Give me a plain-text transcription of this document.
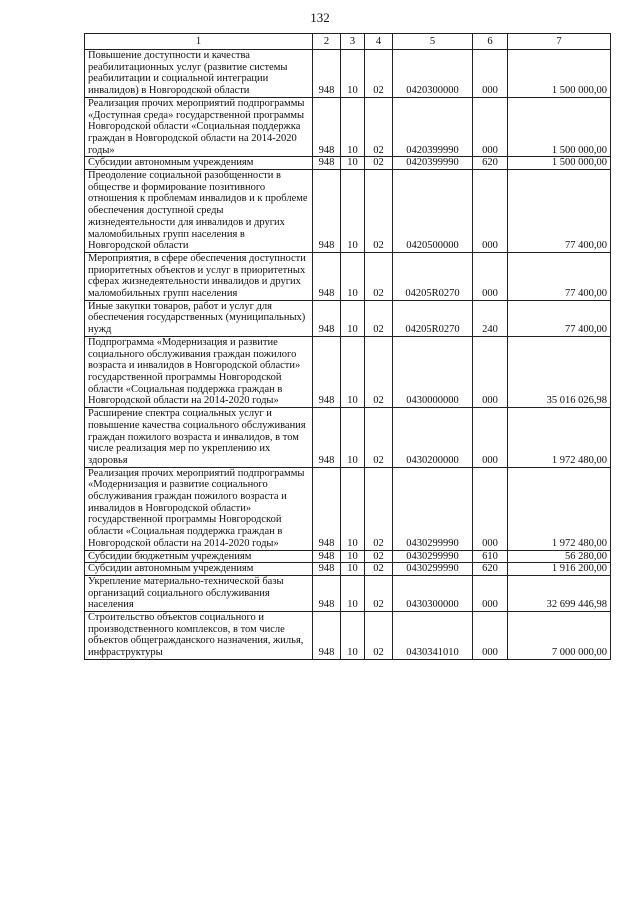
132
1	2	3	4	5	6	7
Повышение доступности и качества реабилитационных услуг (развитие системы реабилитации и социальной интеграции инвалидов) в Новгородской области	948	10	02	0420300000	000	1 500 000,00
Реализация прочих мероприятий подпрограммы «Доступная среда» государственной программы Новгородской области «Социальная поддержка граждан в Новгородской области на 2014-2020 годы»	948	10	02	0420399990	000	1 500 000,00
Субсидии автономным учреждениям	948	10	02	0420399990	620	1 500 000,00
Преодоление социальной разобщенности в обществе и формирование позитивного отношения к проблемам инвалидов и к проблеме обеспечения доступной среды жизнедеятельности для инвалидов и других маломобильных групп населения в Новгородской области	948	10	02	0420500000	000	77 400,00
Мероприятия, в сфере обеспечения доступности приоритетных объектов и услуг в приоритетных сферах жизнедеятельности инвалидов и других маломобильных групп населения	948	10	02	04205R0270	000	77 400,00
Иные закупки товаров, работ и услуг для обеспечения государственных (муниципальных) нужд	948	10	02	04205R0270	240	77 400,00
Подпрограмма «Модернизация и развитие социального обслуживания граждан пожилого возраста и инвалидов в Новгородской области» государственной программы Новгородской области «Социальная поддержка граждан в Новгородской области на 2014-2020 годы»	948	10	02	0430000000	000	35 016 026,98
Расширение спектра социальных услуг и повышение качества социального обслуживания граждан пожилого возраста и инвалидов, в том числе реализация мер по укреплению их здоровья	948	10	02	0430200000	000	1 972 480,00
Реализация прочих мероприятий подпрограммы «Модернизация и развитие социального обслуживания граждан пожилого возраста и инвалидов в Новгородской области» государственной программы Новгородской области «Социальная поддержка граждан в Новгородской области на 2014-2020 годы»	948	10	02	0430299990	000	1 972 480,00
Субсидии бюджетным учреждениям	948	10	02	0430299990	610	56 280,00
Субсидии автономным учреждениям	948	10	02	0430299990	620	1 916 200,00
Укрепление материально-технической базы организаций социального обслуживания населения	948	10	02	0430300000	000	32 699 446,98
Строительство объектов социального и производственного комплексов, в том числе объектов общегражданского назначения, жилья, инфраструктуры	948	10	02	0430341010	000	7 000 000,00
